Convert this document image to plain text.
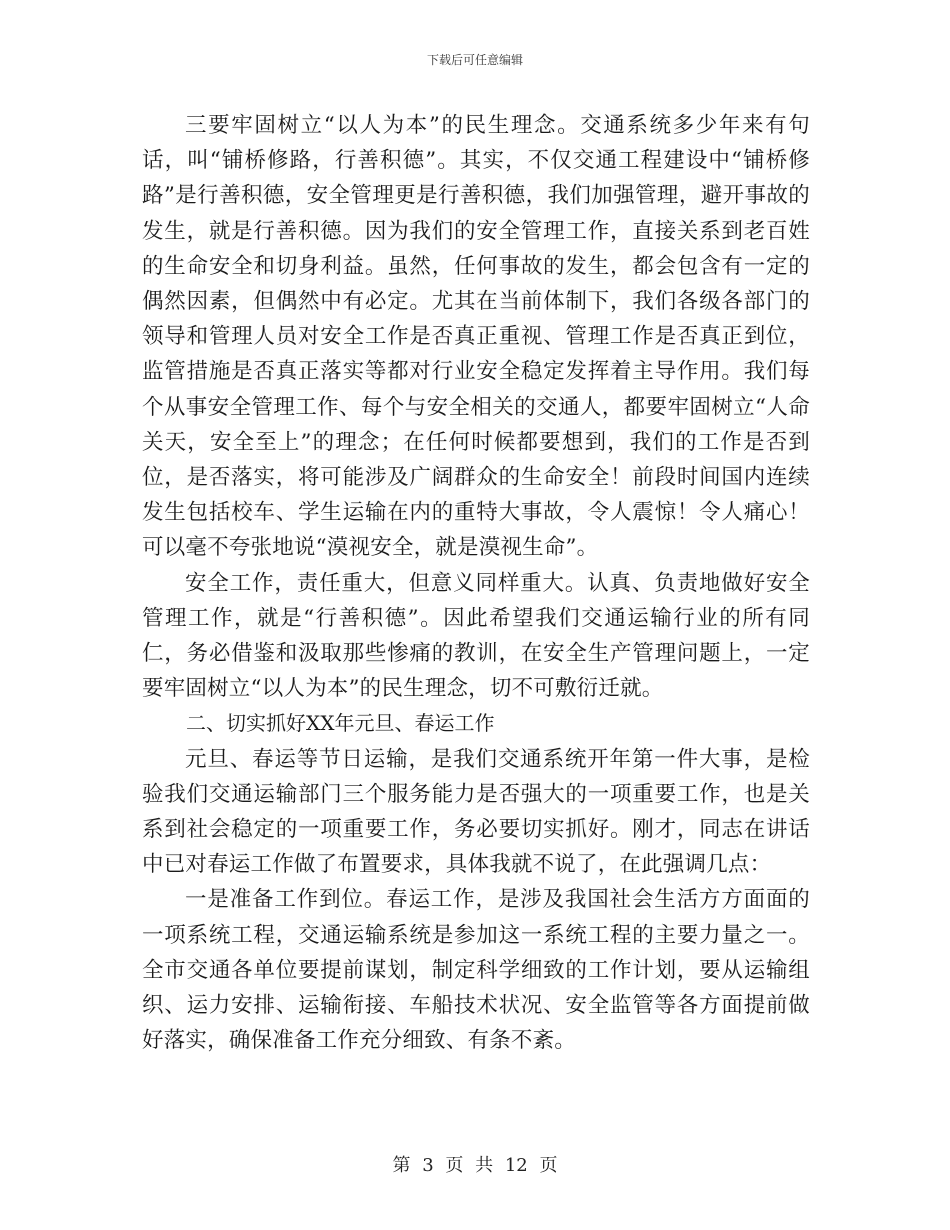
下载后可任意编辑

三要牢固树立“以人为本”的民生理念。交通系统多少年来有句话，叫“铺桥修路，行善积德”。其实，不仅交通工程建设中“铺桥修路”是行善积德，安全管理更是行善积德，我们加强管理，避开事故的发生，就是行善积德。因为我们的安全管理工作，直接关系到老百姓的生命安全和切身利益。虽然，任何事故的发生，都会包含有一定的偶然因素，但偶然中有必定。尤其在当前体制下，我们各级各部门的领导和管理人员对安全工作是否真正重视、管理工作是否真正到位，监管措施是否真正落实等都对行业安全稳定发挥着主导作用。我们每个从事安全管理工作、每个与安全相关的交通人，都要牢固树立“人命关天，安全至上”的理念；在任何时候都要想到，我们的工作是否到位，是否落实，将可能涉及广阔群众的生命安全！前段时间国内连续发生包括校车、学生运输在内的重特大事故，令人震惊！令人痛心！可以毫不夸张地说“漠视安全，就是漠视生命”。

安全工作，责任重大，但意义同样重大。认真、负责地做好安全管理工作，就是“行善积德”。因此希望我们交通运输行业的所有同仁，务必借鉴和汲取那些惨痛的教训，在安全生产管理问题上，一定要牢固树立“以人为本”的民生理念，切不可敷衍迁就。

二、切实抓好XX年元旦、春运工作

元旦、春运等节日运输，是我们交通系统开年第一件大事，是检验我们交通运输部门三个服务能力是否强大的一项重要工作，也是关系到社会稳定的一项重要工作，务必要切实抓好。刚才，同志在讲话中已对春运工作做了布置要求，具体我就不说了，在此强调几点：

一是准备工作到位。春运工作，是涉及我国社会生活方方面面的一项系统工程，交通运输系统是参加这一系统工程的主要力量之一。全市交通各单位要提前谋划，制定科学细致的工作计划，要从运输组织、运力安排、运输衔接、车船技术状况、安全监管等各方面提前做好落实，确保准备工作充分细致、有条不紊。

第 3 页 共 12 页
